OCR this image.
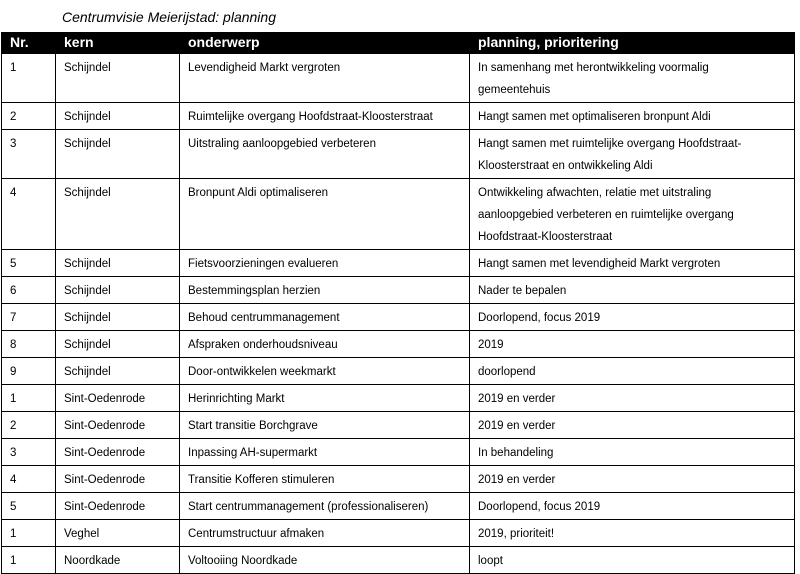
Centrumvisie Meierijstad: planning
Nr.	kern	onderwerp	planning, prioritering
1	Schijndel	Levendigheid Markt vergroten	In samenhang met herontwikkeling voormalig
gemeentehuis

2	Schijndel	Ruimtelijke overgang Hoofdstraat-Kloosterstraat	Hangt samen met optimaliseren bronpunt Aldi

3	Schijndel	Uitstraling aanloopgebied verbeteren	Hangt samen met ruimtelijke overgang Hoofdstraat-
Kloosterstraat en ontwikkeling Aldi

4	Schijndel	Bronpunt Aldi optimaliseren	Ontwikkeling afwachten, relatie met uitstraling
aanloopgebied verbeteren en ruimtelijke overgang
Hoofdstraat-Kloosterstraat

5	Schijndel	Fietsvoorzieningen evalueren	Hangt samen met levendigheid Markt vergroten

6	Schijndel	Bestemmingsplan herzien	Nader te bepalen

7	Schijndel	Behoud centrummanagement	Doorlopend, focus 2019

8	Schijndel	Afspraken onderhoudsniveau	2019

9	Schijndel	Door-ontwikkelen weekmarkt	doorlopend

1	Sint-Oedenrode	Herinrichting Markt	2019 en verder

2	Sint-Oedenrode	Start transitie Borchgrave	2019 en verder

3	Sint-Oedenrode	Inpassing AH-supermarkt	In behandeling

4	Sint-Oedenrode	Transitie Kofferen stimuleren	2019 en verder

5	Sint-Oedenrode	Start centrummanagement (professionaliseren)	Doorlopend, focus 2019

1	Veghel	Centrumstructuur afmaken	2019, prioriteit!

1	Noordkade	Voltooiing Noordkade	loopt
